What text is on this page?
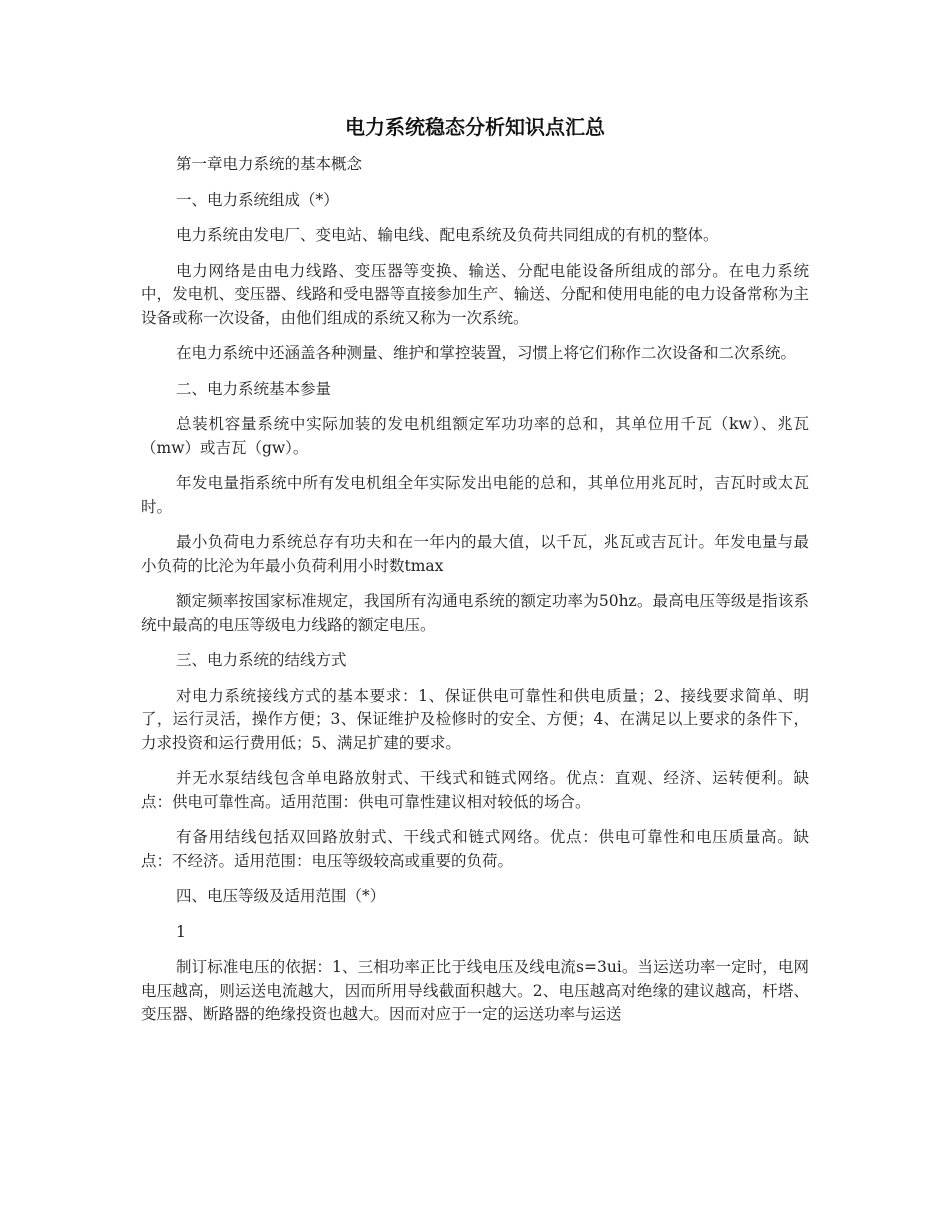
电力系统稳态分析知识点汇总

第一章电力系统的基本概念

一、电力系统组成（*）

电力系统由发电厂、变电站、输电线、配电系统及负荷共同组成的有机的整体。

电力网络是由电力线路、变压器等变换、输送、分配电能设备所组成的部分。在电力系统中，发电机、变压器、线路和受电器等直接参加生产、输送、分配和使用电能的电力设备常称为主设备或称一次设备，由他们组成的系统又称为一次系统。

在电力系统中还涵盖各种测量、维护和掌控装置，习惯上将它们称作二次设备和二次系统。

二、电力系统基本参量

总装机容量系统中实际加装的发电机组额定军功功率的总和，其单位用千瓦（kw）、兆瓦（mw）或吉瓦（gw）。

年发电量指系统中所有发电机组全年实际发出电能的总和，其单位用兆瓦时，吉瓦时或太瓦时。

最小负荷电力系统总存有功夫和在一年内的最大值，以千瓦，兆瓦或吉瓦计。年发电量与最小负荷的比沦为年最小负荷利用小时数tmax

额定频率按国家标准规定，我国所有沟通电系统的额定功率为50hz。最高电压等级是指该系统中最高的电压等级电力线路的额定电压。

三、电力系统的结线方式

对电力系统接线方式的基本要求：1、保证供电可靠性和供电质量；2、接线要求简单、明了，运行灵活，操作方便；3、保证维护及检修时的安全、方便；4、在满足以上要求的条件下，力求投资和运行费用低；5、满足扩建的要求。

并无水泵结线包含单电路放射式、干线式和链式网络。优点：直观、经济、运转便利。缺点：供电可靠性高。适用范围：供电可靠性建议相对较低的场合。

有备用结线包括双回路放射式、干线式和链式网络。优点：供电可靠性和电压质量高。缺点：不经济。适用范围：电压等级较高或重要的负荷。

四、电压等级及适用范围（*）

1

制订标准电压的依据：1、三相功率正比于线电压及线电流s=3ui。当运送功率一定时，电网电压越高，则运送电流越大，因而所用导线截面积越大。2、电压越高对绝缘的建议越高，杆塔、变压器、断路器的绝缘投资也越大。因而对应于一定的运送功率与运送
